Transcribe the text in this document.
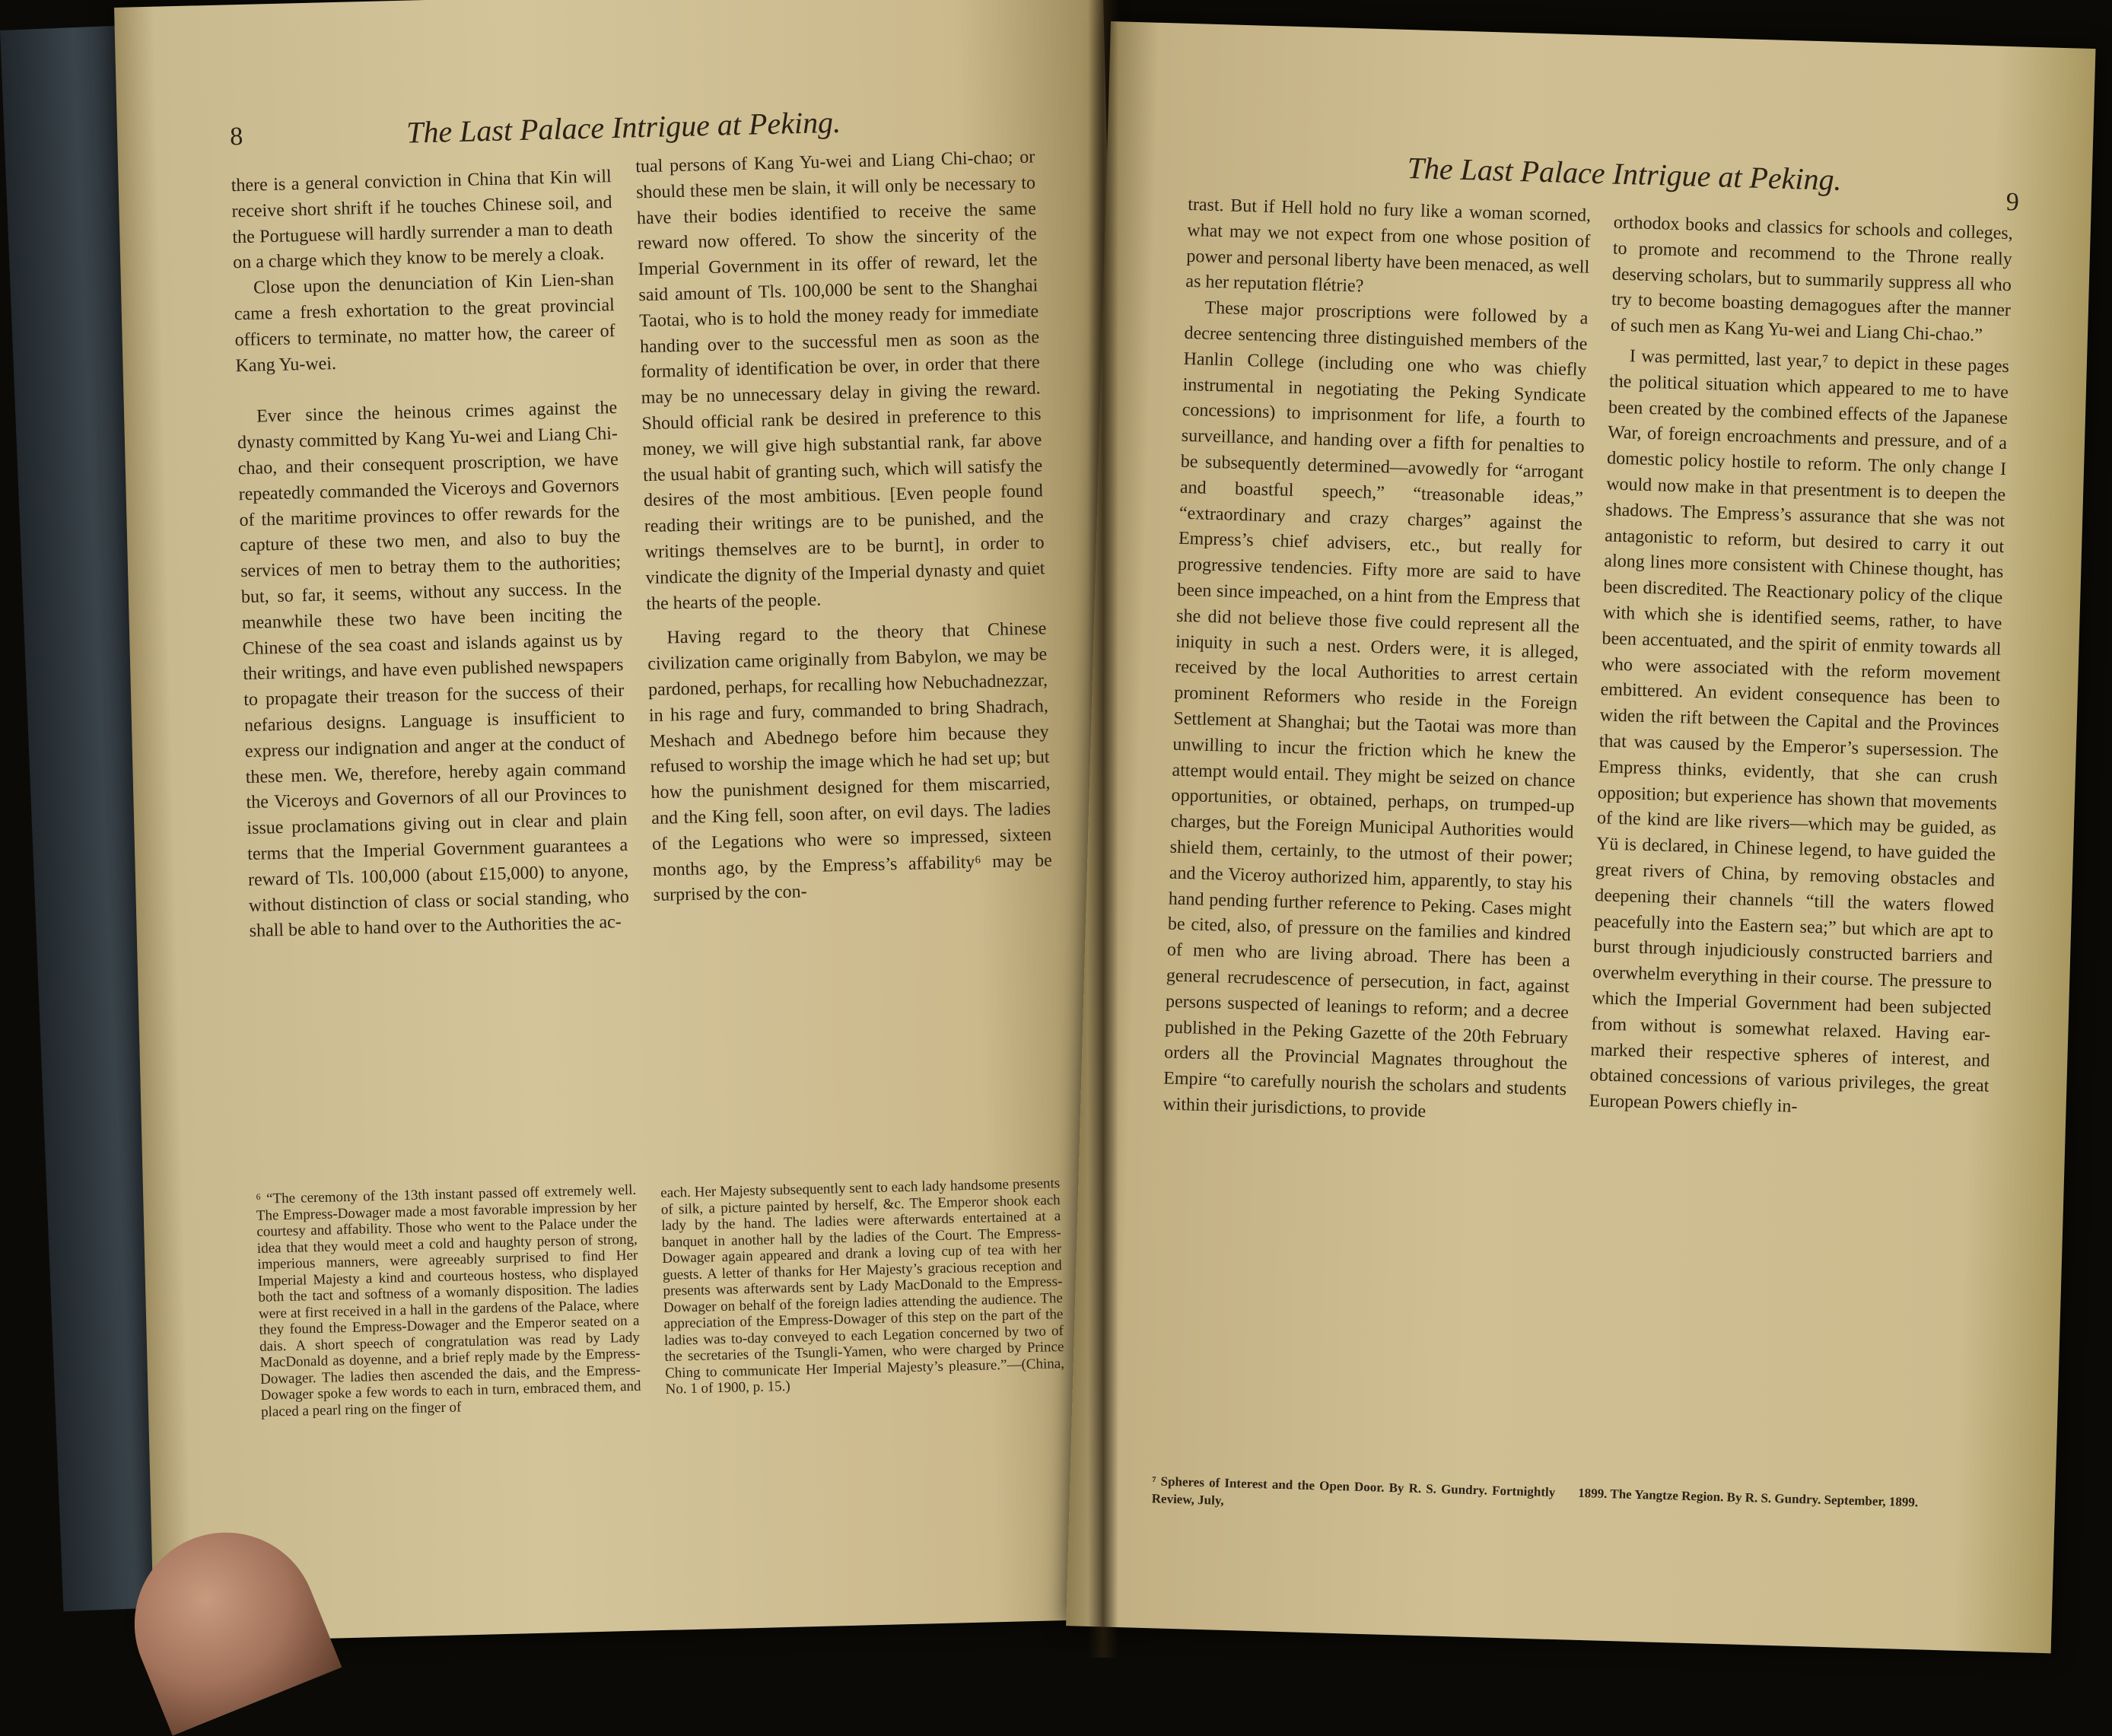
8	The Last Palace Intrigue at Peking.

there is a general conviction in China that Kin will receive short shrift if he touches Chinese soil, and the Portuguese will hardly surrender a man to death on a charge which they know to be merely a cloak.

Close upon the denunciation of Kin Lien-shan came a fresh exhortation to the great provincial officers to terminate, no matter how, the career of Kang Yu-wei.

Ever since the heinous crimes against the dynasty committed by Kang Yu-wei and Liang Chi-chao, and their consequent proscription, we have repeatedly commanded the Viceroys and Governors of the maritime provinces to offer rewards for the capture of these two men, and also to buy the services of men to betray them to the authorities; but, so far, it seems, without any success. In the meanwhile these two have been inciting the Chinese of the sea coast and islands against us by their writings, and have even published newspapers to propagate their treason for the success of their nefarious designs. Language is insufficient to express our indignation and anger at the conduct of these men. We, therefore, hereby again command the Viceroys and Governors of all our Provinces to issue proclamations giving out in clear and plain terms that the Imperial Government guarantees a reward of Tls. 100,000 (about £15,000) to anyone, without distinction of class or social standing, who shall be able to hand over to the Authorities the ac-

tual persons of Kang Yu-wei and Liang Chi-chao; or should these men be slain, it will only be necessary to have their bodies identified to receive the same reward now offered. To show the sincerity of the Imperial Government in its offer of reward, let the said amount of Tls. 100,000 be sent to the Shanghai Taotai, who is to hold the money ready for immediate handing over to the successful men as soon as the formality of identification be over, in order that there may be no unnecessary delay in giving the reward. Should official rank be desired in preference to this money, we will give high substantial rank, far above the usual habit of granting such, which will satisfy the desires of the most ambitious. [Even people found reading their writings are to be punished, and the writings themselves are to be burnt], in order to vindicate the dignity of the Imperial dynasty and quiet the hearts of the people.

Having regard to the theory that Chinese civilization came originally from Babylon, we may be pardoned, perhaps, for recalling how Nebuchadnezzar, in his rage and fury, commanded to bring Shadrach, Meshach and Abednego before him because they refused to worship the image which he had set up; but how the punishment designed for them miscarried, and the King fell, soon after, on evil days. The ladies of the Legations who were so impressed, sixteen months ago, by the Empress’s affability⁶ may be surprised by the con-

⁶ “The ceremony of the 13th instant passed off extremely well. The Empress-Dowager made a most favorable impression by her courtesy and affability. Those who went to the Palace under the idea that they would meet a cold and haughty person of strong, imperious manners, were agreeably surprised to find Her Imperial Majesty a kind and courteous hostess, who displayed both the tact and softness of a womanly disposition. The ladies were at first received in a hall in the gardens of the Palace, where they found the Empress-Dowager and the Emperor seated on a dais. A short speech of congratulation was read by Lady MacDonald as doyenne, and a brief reply made by the Empress-Dowager. The ladies then ascended the dais, and the Empress-Dowager spoke a few words to each in turn, embraced them, and placed a pearl ring on the finger of

each. Her Majesty subsequently sent to each lady handsome presents of silk, a picture painted by herself, &c. The Emperor shook each lady by the hand. The ladies were afterwards entertained at a banquet in another hall by the ladies of the Court. The Empress-Dowager again appeared and drank a loving cup of tea with her guests. A letter of thanks for Her Majesty’s gracious reception and presents was afterwards sent by Lady MacDonald to the Empress-Dowager on behalf of the foreign ladies attending the audience. The appreciation of the Empress-Dowager of this step on the part of the ladies was to-day conveyed to each Legation concerned by two of the secretaries of the Tsungli-Yamen, who were charged by Prince Ching to communicate Her Imperial Majesty’s pleasure.”—(China, No. 1 of 1900, p. 15.)

The Last Palace Intrigue at Peking.
9

trast. But if Hell hold no fury like a woman scorned, what may we not expect from one whose position of power and personal liberty have been menaced, as well as her reputation flétrie?

These major proscriptions were followed by a decree sentencing three distinguished members of the Hanlin College (including one who was chiefly instrumental in negotiating the Peking Syndicate concessions) to imprisonment for life, a fourth to surveillance, and handing over a fifth for penalties to be subsequently determined—avowedly for “arrogant and boastful speech,” “treasonable ideas,” “extraordinary and crazy charges” against the Empress’s chief advisers, etc., but really for progressive tendencies. Fifty more are said to have been since impeached, on a hint from the Empress that she did not believe those five could represent all the iniquity in such a nest. Orders were, it is alleged, received by the local Authorities to arrest certain prominent Reformers who reside in the Foreign Settlement at Shanghai; but the Taotai was more than unwilling to incur the friction which he knew the attempt would entail. They might be seized on chance opportunities, or obtained, perhaps, on trumped-up charges, but the Foreign Municipal Authorities would shield them, certainly, to the utmost of their power; and the Viceroy authorized him, apparently, to stay his hand pending further reference to Peking. Cases might be cited, also, of pressure on the families and kindred of men who are living abroad. There has been a general recrudescence of persecution, in fact, against persons suspected of leanings to reform; and a decree published in the Peking Gazette of the 20th February orders all the Provincial Magnates throughout the Empire “to carefully nourish the scholars and students within their jurisdictions, to provide

orthodox books and classics for schools and colleges, to promote and recommend to the Throne really deserving scholars, but to summarily suppress all who try to become boasting demagogues after the manner of such men as Kang Yu-wei and Liang Chi-chao.”

I was permitted, last year,⁷ to depict in these pages the political situation which appeared to me to have been created by the combined effects of the Japanese War, of foreign encroachments and pressure, and of a domestic policy hostile to reform. The only change I would now make in that presentment is to deepen the shadows. The Empress’s assurance that she was not antagonistic to reform, but desired to carry it out along lines more consistent with Chinese thought, has been discredited. The Reactionary policy of the clique with which she is identified seems, rather, to have been accentuated, and the spirit of enmity towards all who were associated with the reform movement embittered. An evident consequence has been to widen the rift between the Capital and the Provinces that was caused by the Emperor’s supersession. The Empress thinks, evidently, that she can crush opposition; but experience has shown that movements of the kind are like rivers—which may be guided, as Yü is declared, in Chinese legend, to have guided the great rivers of China, by removing obstacles and deepening their channels “till the waters flowed peacefully into the Eastern sea;” but which are apt to burst through injudiciously constructed barriers and overwhelm everything in their course. The pressure to which the Imperial Government had been subjected from without is somewhat relaxed. Having ear-marked their respective spheres of interest, and obtained concessions of various privileges, the great European Powers chiefly in-

⁷ Spheres of Interest and the Open Door. By R. S. Gundry. Fortnightly Review, July,	1899. The Yangtze Region. By R. S. Gundry. September, 1899.
